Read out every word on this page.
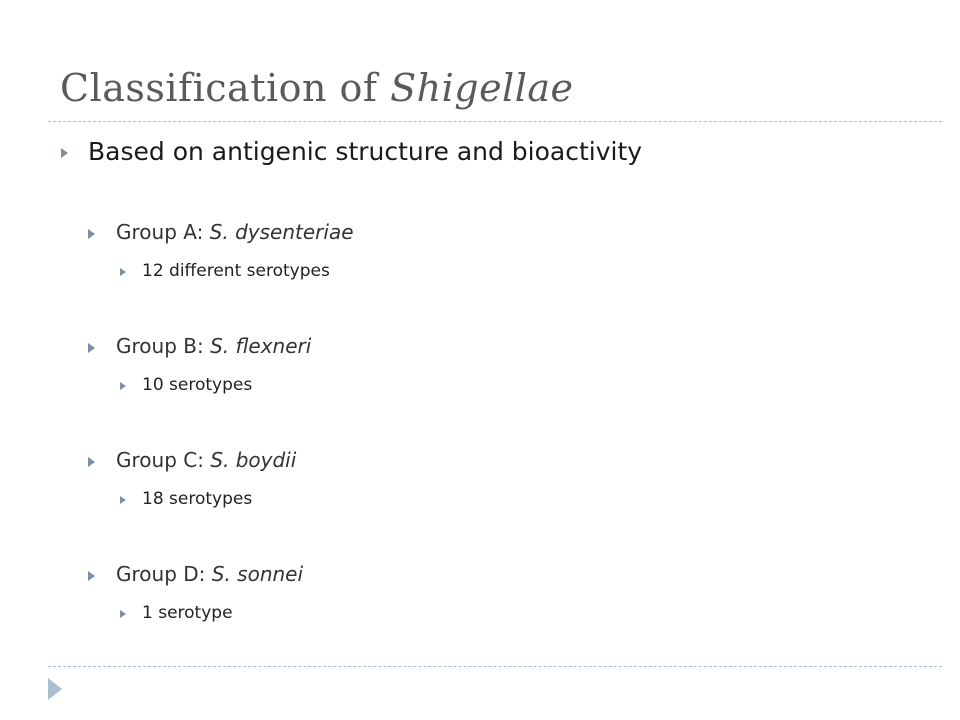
Classification of Shigellae
Based on antigenic structure and bioactivity
Group A: S. dysenteriae
12 different serotypes
Group B: S. flexneri
10 serotypes
Group C: S. boydii
18 serotypes
Group D: S. sonnei
1 serotype
